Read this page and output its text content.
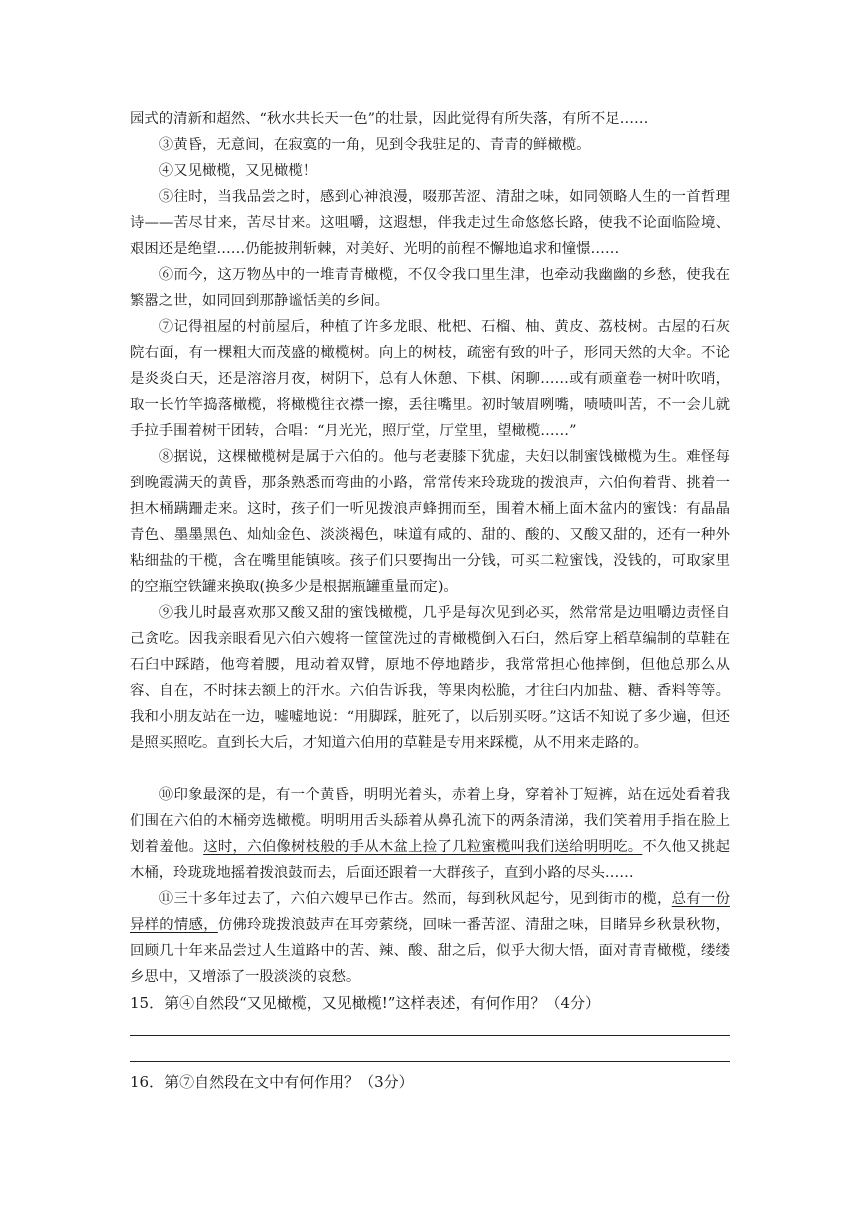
园式的清新和超然、“秋水共长天一色”的壮景，因此觉得有所失落，有所不足……
③黄昏，无意间，在寂寞的一角，见到令我驻足的、青青的鲜橄榄。
④又见橄榄，又见橄榄！
⑤往时，当我品尝之时，感到心神浪漫，啜那苦涩、清甜之味，如同领略人生的一首哲理诗——苦尽甘来，苦尽甘来。这咀嚼，这遐想，伴我走过生命悠悠长路，使我不论面临险境、艰困还是绝望……仍能披荆斩棘，对美好、光明的前程不懈地追求和憧憬……
⑥而今，这万物丛中的一堆青青橄榄，不仅令我口里生津，也牵动我幽幽的乡愁，使我在繁嚣之世，如同回到那静谧恬美的乡间。
⑦记得祖屋的村前屋后，种植了许多龙眼、枇杷、石榴、柚、黄皮、荔枝树。古屋的石灰院右面，有一棵粗大而茂盛的橄榄树。向上的树枝，疏密有致的叶子，形同天然的大伞。不论是炎炎白天，还是溶溶月夜，树阴下，总有人休憩、下棋、闲聊……或有顽童卷一树叶吹哨，取一长竹竿捣落橄榄，将橄榄往衣襟一擦，丢往嘴里。初时皱眉咧嘴，啧啧叫苦，不一会儿就手拉手围着树干团转，合唱：“月光光，照厅堂，厅堂里，望橄榄……”
⑧据说，这棵橄榄树是属于六伯的。他与老妻膝下犹虚，夫妇以制蜜饯橄榄为生。难怪每到晚霞满天的黄昏，那条熟悉而弯曲的小路，常常传来玲珑珑的拨浪声，六伯佝着背、挑着一担木桶蹒跚走来。这时，孩子们一听见拨浪声蜂拥而至，围着木桶上面木盆内的蜜饯：有晶晶青色、墨墨黑色、灿灿金色、淡淡褐色，味道有咸的、甜的、酸的、又酸又甜的，还有一种外粘细盐的干榄，含在嘴里能镇咳。孩子们只要掏出一分钱，可买二粒蜜饯，没钱的，可取家里的空瓶空铁罐来换取(换多少是根据瓶罐重量而定)。
⑨我儿时最喜欢那又酸又甜的蜜饯橄榄，几乎是每次见到必买，然常常是边咀嚼边责怪自己贪吃。因我亲眼看见六伯六嫂将一筐筐洗过的青橄榄倒入石臼，然后穿上稻草编制的草鞋在石臼中踩踏，他弯着腰，甩动着双臂，原地不停地踏步，我常常担心他摔倒，但他总那么从容、自在，不时抹去额上的汗水。六伯告诉我，等果肉松脆，才往臼内加盐、糖、香料等等。我和小朋友站在一边，嘘嘘地说：“用脚踩，脏死了，以后别买呀。”这话不知说了多少遍，但还是照买照吃。直到长大后，才知道六伯用的草鞋是专用来踩榄，从不用来走路的。
⑩印象最深的是，有一个黄昏，明明光着头，赤着上身，穿着补丁短裤，站在远处看着我们围在六伯的木桶旁选橄榄。明明用舌头舔着从鼻孔流下的两条清涕，我们笑着用手指在脸上划着羞他。这时，六伯像树枝般的手从木盆上捡了几粒蜜榄叫我们送给明明吃。不久他又挑起木桶，玲珑珑地摇着拨浪鼓而去，后面还跟着一大群孩子，直到小路的尽头……
⑪三十多年过去了，六伯六嫂早已作古。然而，每到秋风起兮，见到街市的榄，总有一份异样的情感，仿佛玲珑拨浪鼓声在耳旁萦绕，回味一番苦涩、清甜之味，目睹异乡秋景秋物，回顾几十年来品尝过人生道路中的苦、辣、酸、甜之后，似乎大彻大悟，面对青青橄榄，缕缕乡思中，又增添了一股淡淡的哀愁。
15．第④自然段“又见橄榄，又见橄榄!”这样表述，有何作用？（4分）
16．第⑦自然段在文中有何作用？（3分）
